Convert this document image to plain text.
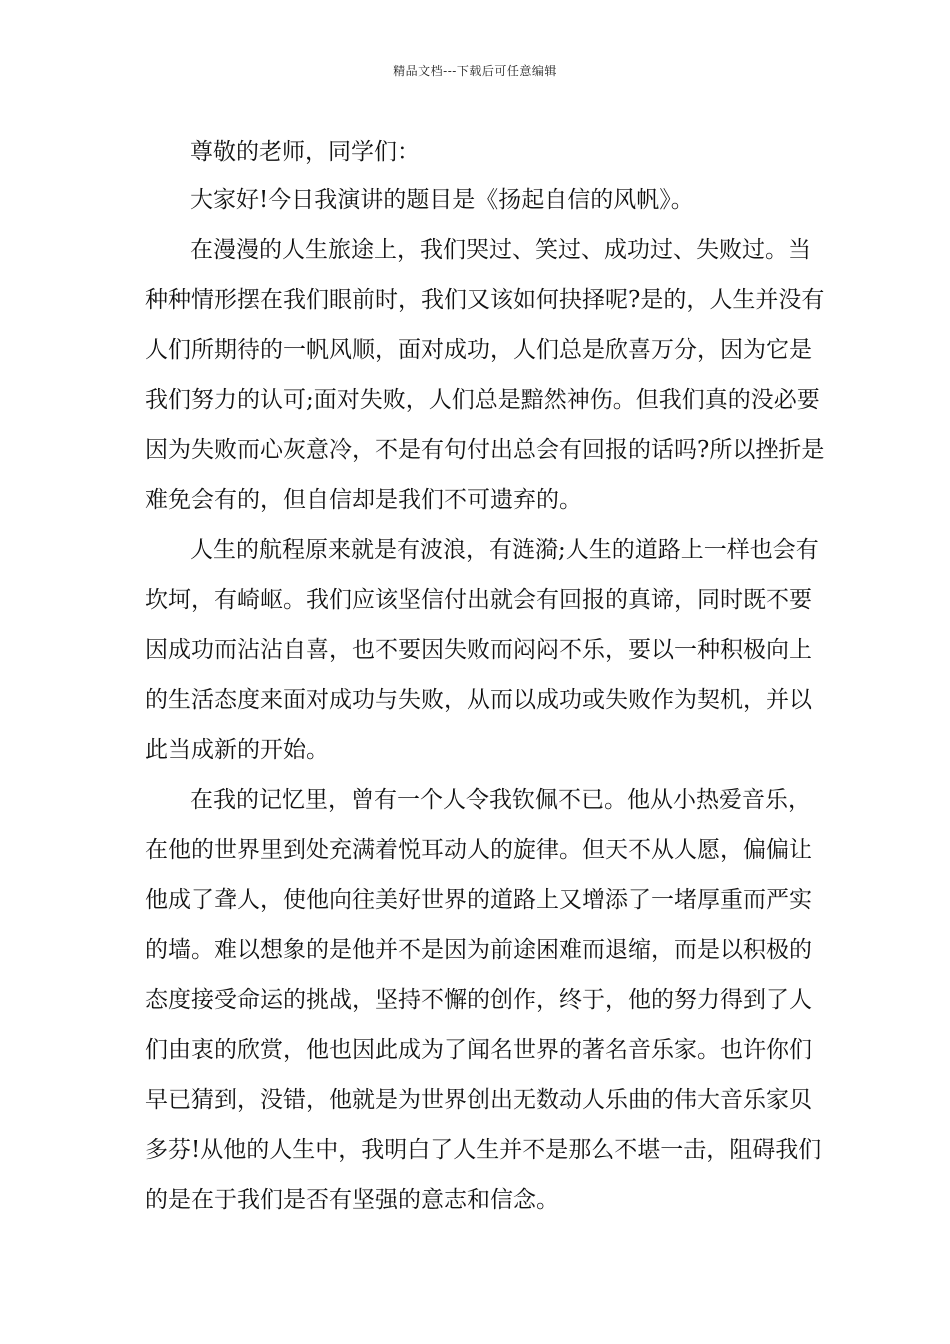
精品文档---下载后可任意编辑
尊敬的老师，同学们：
大家好!今日我演讲的题目是《扬起自信的风帆》。
在漫漫的人生旅途上，我们哭过、笑过、成功过、失败过。当
种种情形摆在我们眼前时，我们又该如何抉择呢?是的，人生并没有
人们所期待的一帆风顺，面对成功，人们总是欣喜万分，因为它是
我们努力的认可;面对失败，人们总是黯然神伤。但我们真的没必要
因为失败而心灰意冷，不是有句付出总会有回报的话吗?所以挫折是
难免会有的，但自信却是我们不可遗弃的。
人生的航程原来就是有波浪，有涟漪;人生的道路上一样也会有
坎坷，有崎岖。我们应该坚信付出就会有回报的真谛，同时既不要
因成功而沾沾自喜，也不要因失败而闷闷不乐，要以一种积极向上
的生活态度来面对成功与失败，从而以成功或失败作为契机，并以
此当成新的开始。
在我的记忆里，曾有一个人令我钦佩不已。他从小热爱音乐，
在他的世界里到处充满着悦耳动人的旋律。但天不从人愿，偏偏让
他成了聋人，使他向往美好世界的道路上又增添了一堵厚重而严实
的墙。难以想象的是他并不是因为前途困难而退缩，而是以积极的
态度接受命运的挑战，坚持不懈的创作，终于，他的努力得到了人
们由衷的欣赏，他也因此成为了闻名世界的著名音乐家。也许你们
早已猜到，没错，他就是为世界创出无数动人乐曲的伟大音乐家贝
多芬!从他的人生中，我明白了人生并不是那么不堪一击，阻碍我们
的是在于我们是否有坚强的意志和信念。
